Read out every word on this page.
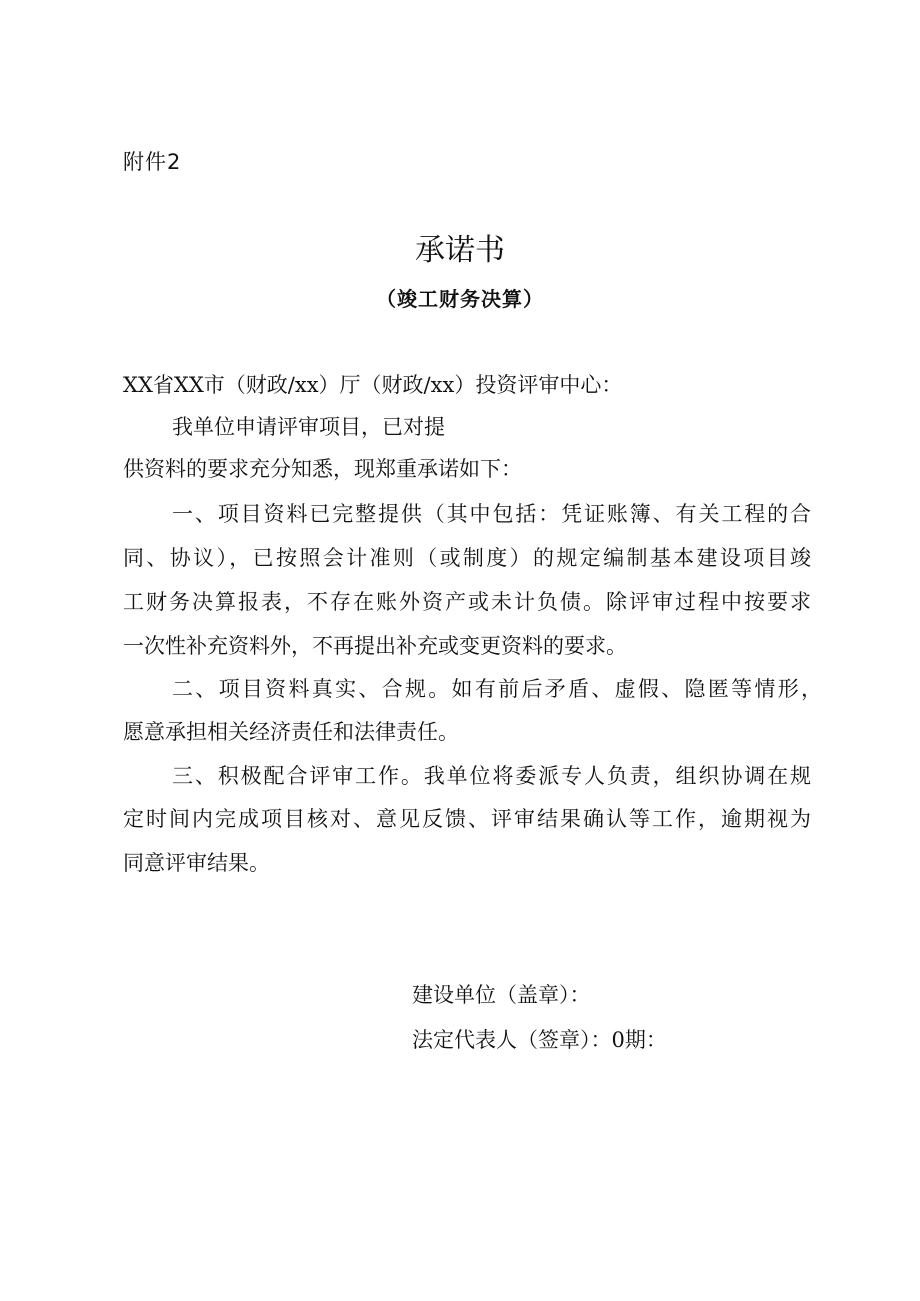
附件2

承诺书
（竣工财务决算）

XX省XX市（财政∕xx）厅（财政∕xx）投资评审中心：

我单位申请评审项目，已对提

供资料的要求充分知悉，现郑重承诺如下：

一、项目资料已完整提供（其中包括：凭证账簿、有关工程的合

同、协议），已按照会计准则（或制度）的规定编制基本建设项目竣

工财务决算报表，不存在账外资产或未计负债。除评审过程中按要求

一次性补充资料外，不再提出补充或变更资料的要求。

二、项目资料真实、合规。如有前后矛盾、虚假、隐匿等情形，

愿意承担相关经济责任和法律责任。

三、积极配合评审工作。我单位将委派专人负责，组织协调在规

定时间内完成项目核对、意见反馈、评审结果确认等工作，逾期视为

同意评审结果。

建设单位（盖章）：

法定代表人（签章）：0期：
